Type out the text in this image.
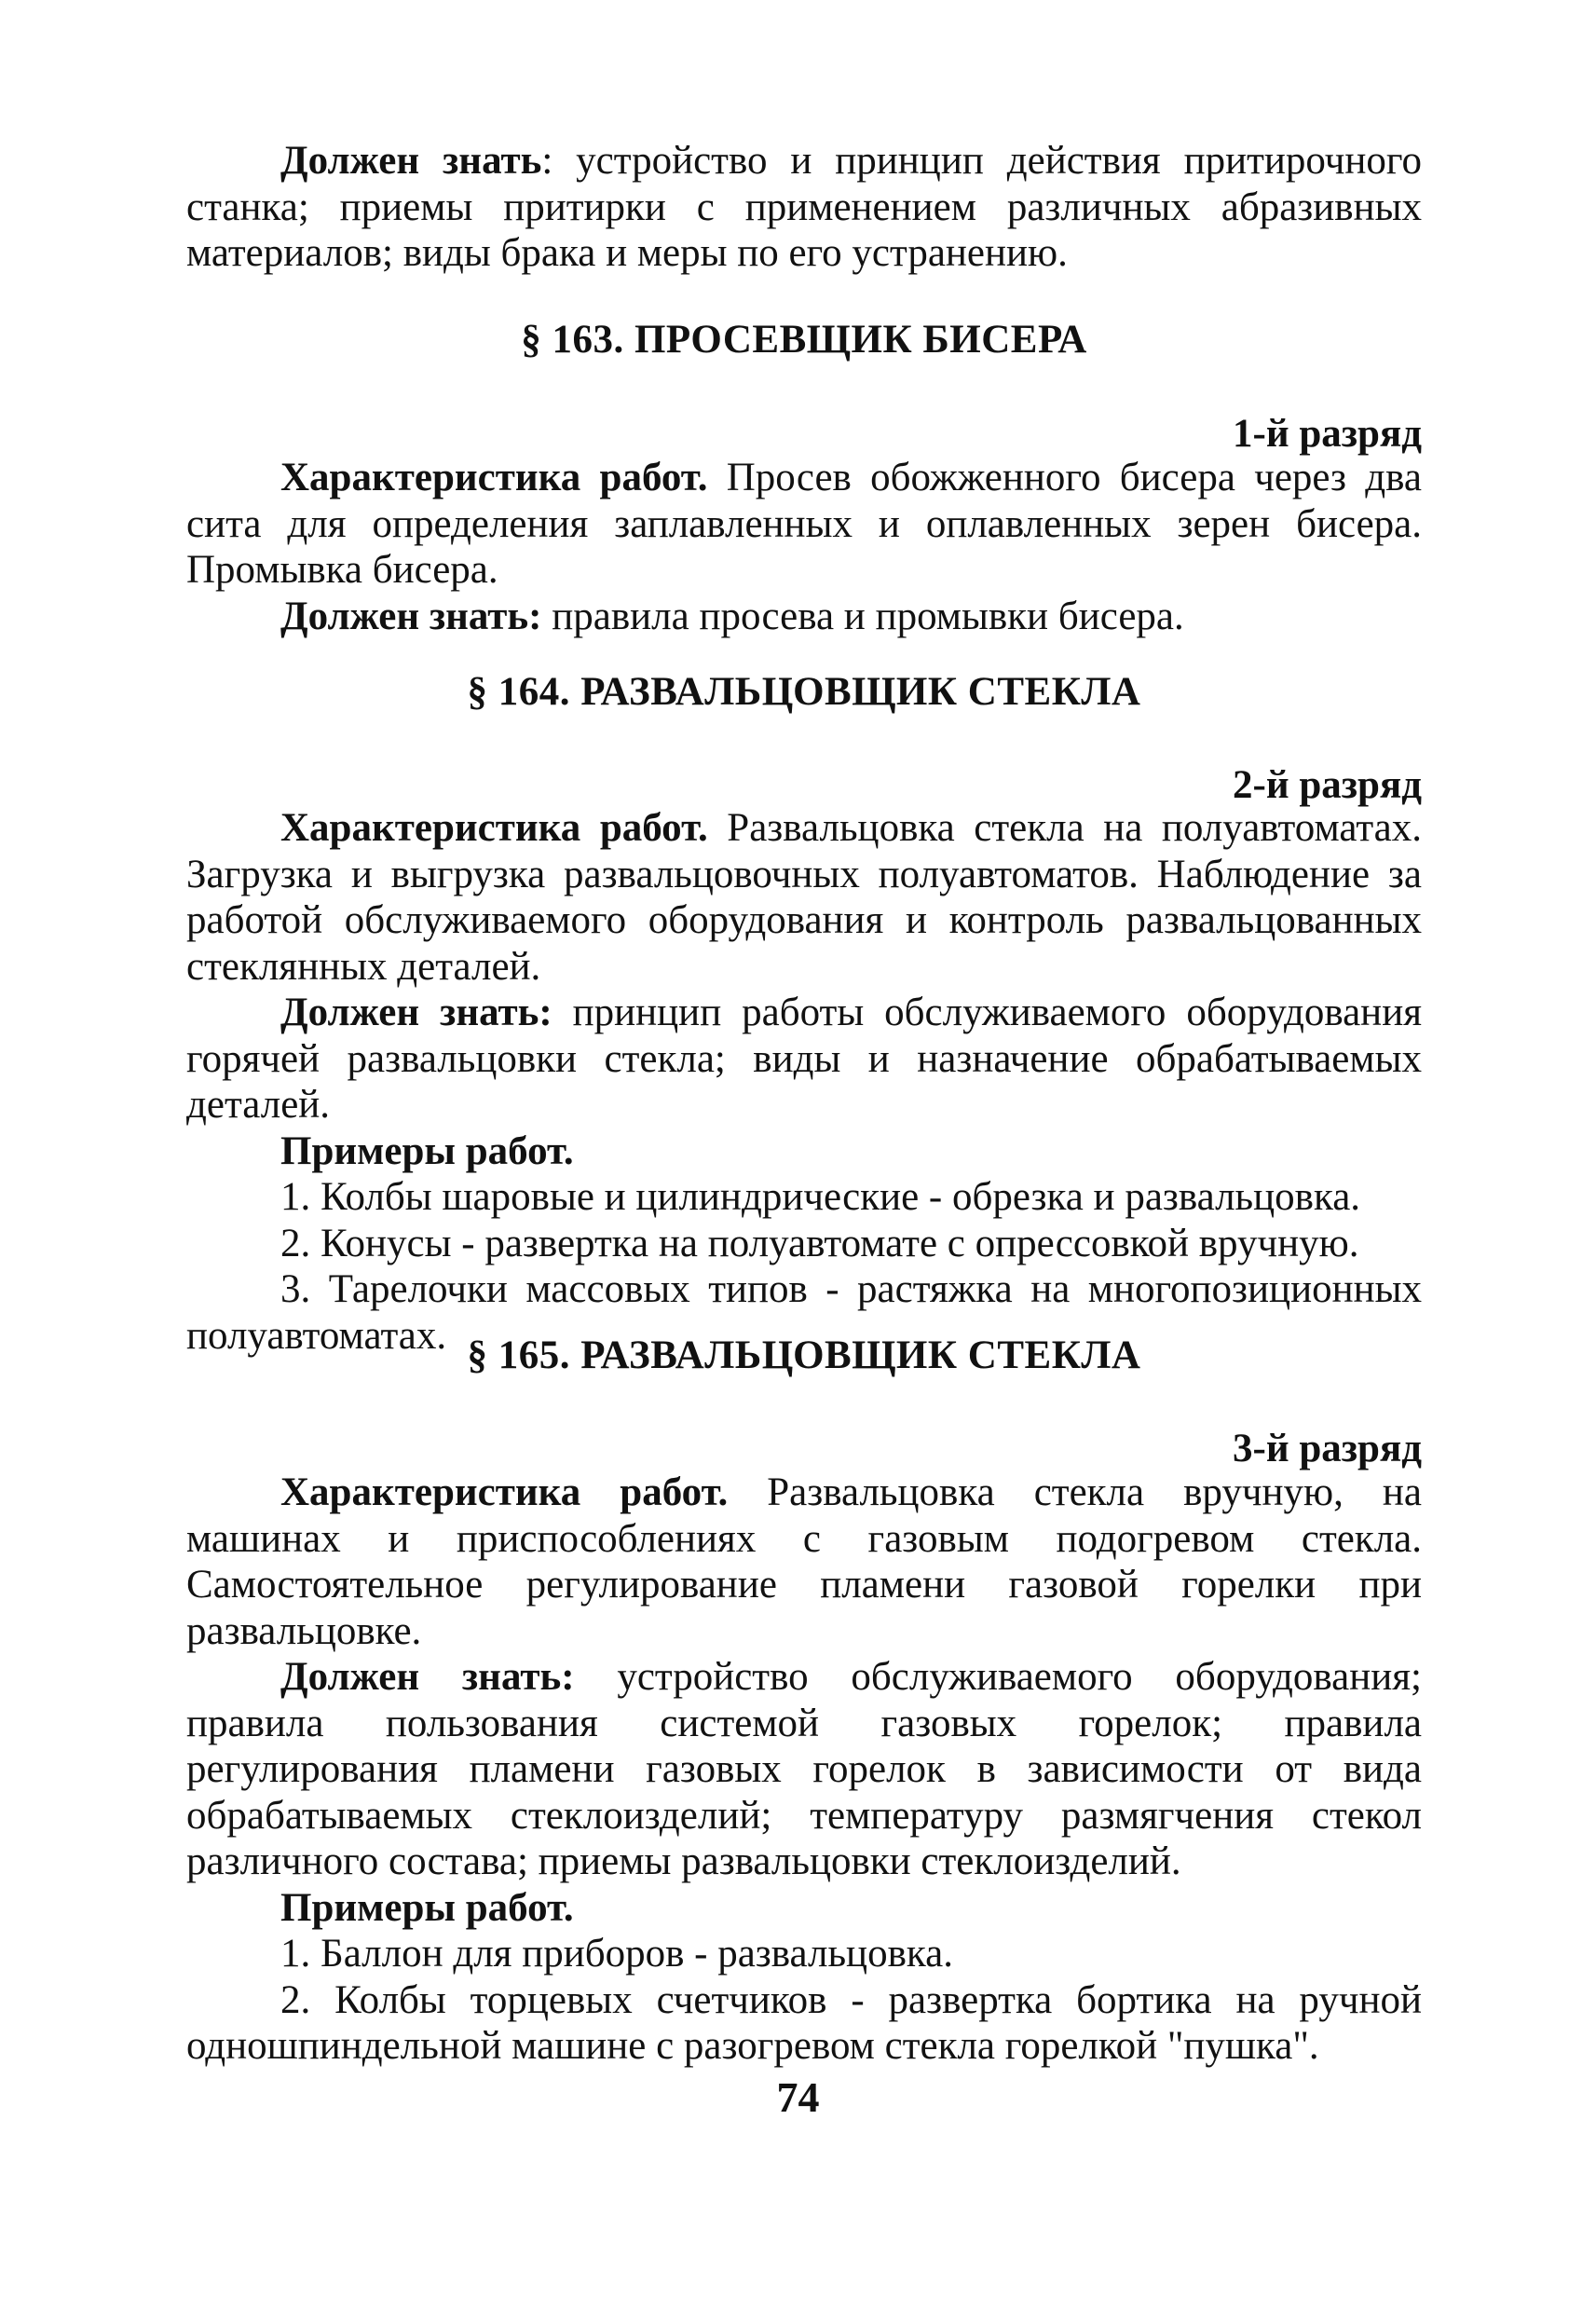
Должен знать: устройство и принцип действия притирочного станка; приемы притирки с применением различных абразивных материалов; виды брака и меры по его устранению.

§ 163. ПРОСЕВЩИК БИСЕРА
1-й разряд

Характеристика работ. Просев обожженного бисера через два сита для определения заплавленных и оплавленных зерен бисера. Промывка бисера.

Должен знать: правила просева и промывки бисера.

§ 164. РАЗВАЛЬЦОВЩИК СТЕКЛА
2-й разряд

Характеристика работ. Развальцовка стекла на полуавтоматах. Загрузка и выгрузка развальцовочных полуавтоматов. Наблюдение за работой обслуживаемого оборудования и контроль развальцованных стеклянных деталей.

Должен знать: принцип работы обслуживаемого оборудования горячей развальцовки стекла; виды и назначение обрабатываемых деталей.

Примеры работ.

1. Колбы шаровые и цилиндрические - обрезка и развальцовка.

2. Конусы - развертка на полуавтомате с опрессовкой вручную.

3. Тарелочки массовых типов - растяжка на многопозиционных полуавтоматах. § 165. РАЗВАЛЬЦОВЩИК СТЕКЛА
3-й разряд

Характеристика работ. Развальцовка стекла вручную, на машинах и приспособлениях с газовым подогревом стекла. Самостоятельное регулирование пламени газовой горелки при развальцовке.

Должен знать: устройство обслуживаемого оборудования; правила пользования системой газовых горелок; правила регулирования пламени газовых горелок в зависимости от вида обрабатываемых стеклоизделий; температуру размягчения стекол различного состава; приемы развальцовки стеклоизделий.

Примеры работ.

1. Баллон для приборов - развальцовка.

2. Колбы торцевых счетчиков - развертка бортика на ручной одношпиндельной машине с разогревом стекла горелкой "пушка".

74
